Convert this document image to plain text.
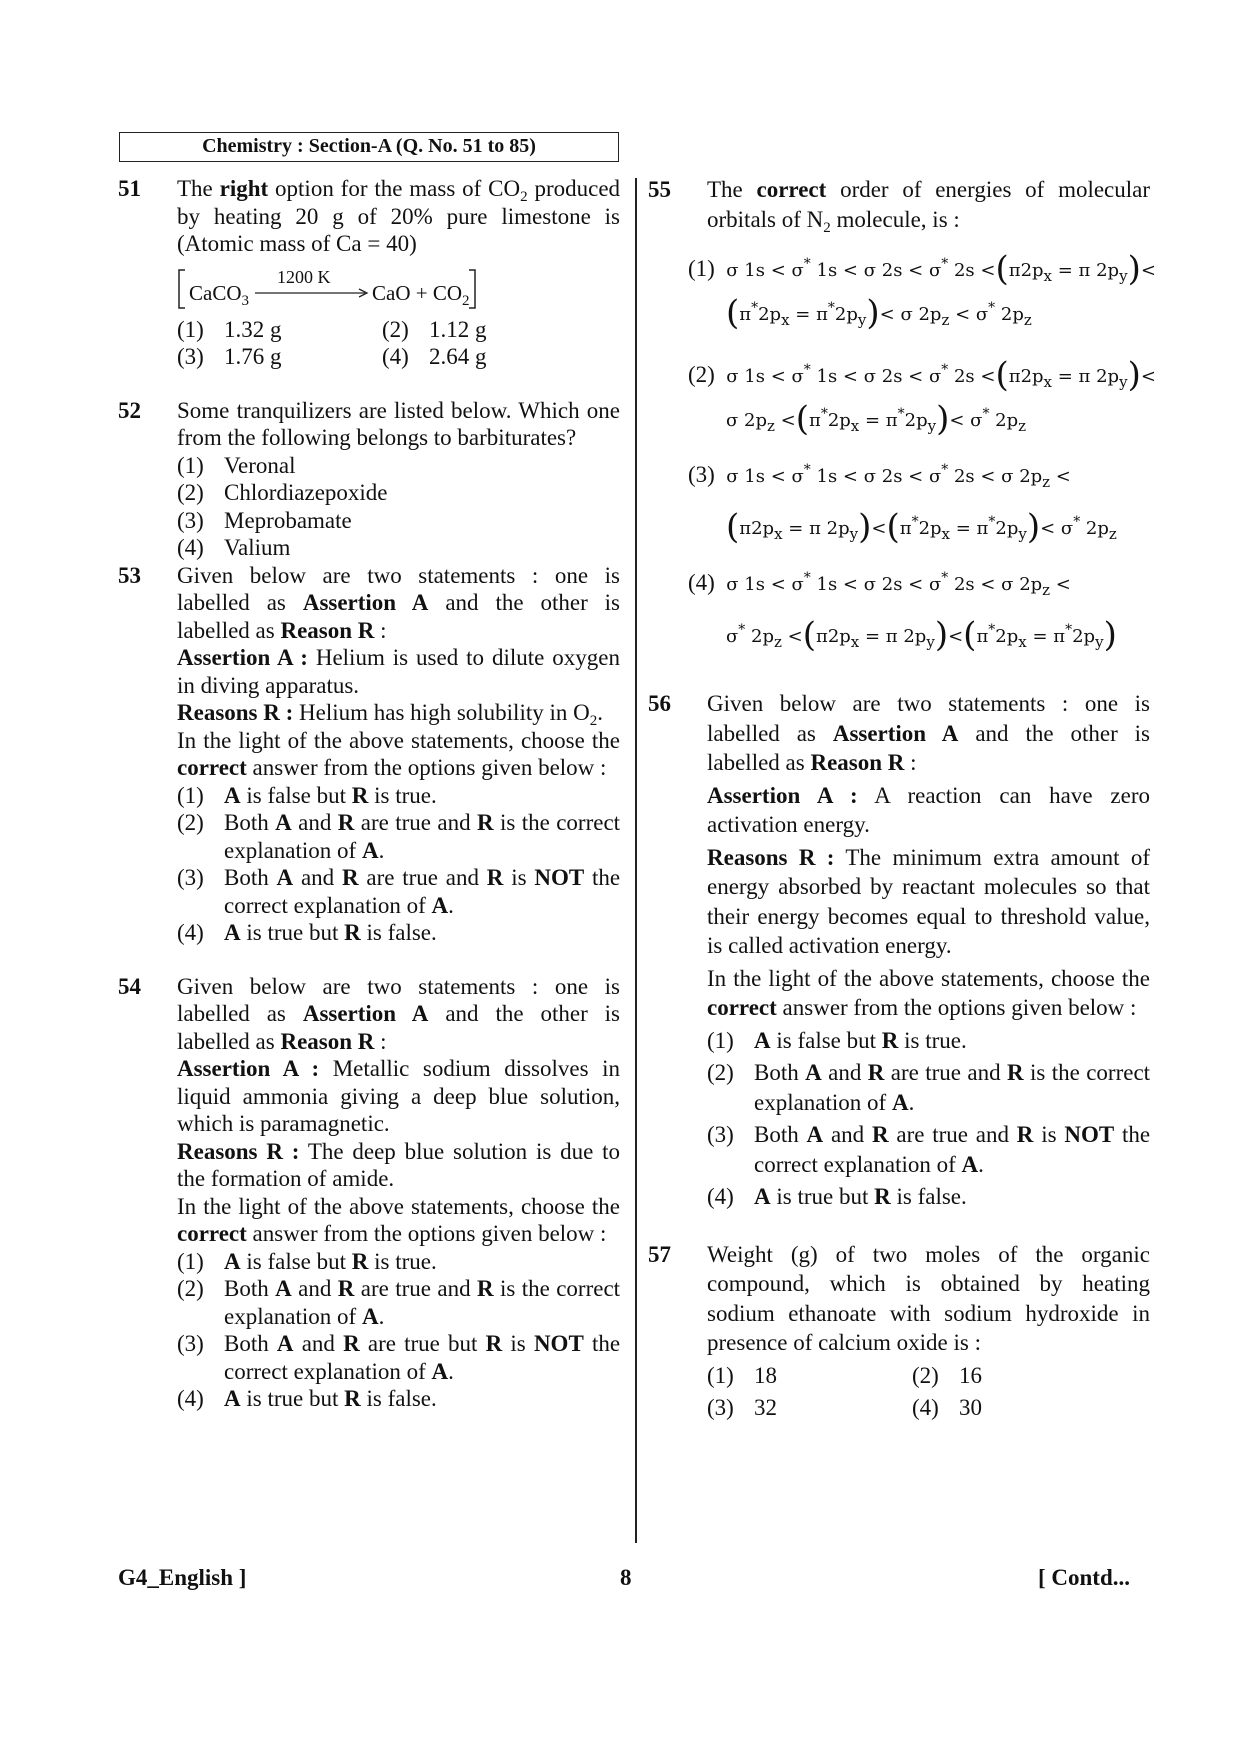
Chemistry : Section-A (Q. No. 51 to 85)
51 The right option for the mass of $CO_2$ produced by heating 20 g of 20% pure limestone is (Atomic mass of Ca = 40)
CaCO$_3$
1200 K
CaO + $CO_2$
(1) 1.32 g	(2) 1.12 g
(3) 1.76 g	(4) 2.64 g
52 Some tranquilizers are listed below. Which one from the following belongs to barbiturates?
(1) Veronal
(2) Chlordiazepoxide
(3) Meprobamate
(4) Valium
53 Given below are two statements : one is labelled as Assertion A and the other is labelled as Reason R :
Assertion A : Helium is used to dilute oxygen in diving apparatus.
Reasons R : Helium has high solubility in $O_2$.
In the light of the above statements, choose the correct answer from the options given below :
(1) A is false but R is true.
(2) Both A and R are true and R is the correct explanation of A.
(3) Both A and R are true and R is NOT the correct explanation of A.
(4) A is true but R is false.
54 Given below are two statements : one is labelled as Assertion A and the other is labelled as Reason R :
Assertion A : Metallic sodium dissolves in liquid ammonia giving a deep blue solution, which is paramagnetic.
Reasons R : The deep blue solution is due to the formation of amide.
In the light of the above statements, choose the correct answer from the options given below :
(1) A is false but R is true.
(2) Both A and R are true and R is the correct explanation of A.
(3) Both A and R are true but R is NOT the correct explanation of A.
(4) A is true but R is false.
55 The correct order of energies of molecular orbitals of $N_2$ molecule, is :
(1)  σ 1s < σ* 1s < σ 2s < σ* $2s <(\pi 2p_x = \pi$ $2p_y)<$
$(\pi^*2p_x = \pi^*2p_y)< \sigma$ $2p_z < \sigma^*$ $2p_z$
(2)  σ 1s < σ* 1s < σ 2s < σ* $2s <(\pi 2p_x = \pi$ $2p_y)<$
σ $2p_z <(\pi^*2p_x = \pi^*2p_y)< \sigma^*$ $2p_z$
(3)  σ 1s < σ* 1s < σ 2s < σ* 2s < σ $2p_z$ <
($\pi 2p_x = \pi$ $2p_y)<(\pi^*2p_x = \pi^*2p_y)< \sigma^*$ $2p_z$
(4)  σ 1s < σ* 1s < σ 2s < σ* 2s < σ $2p_z$ <
σ* $2p_z <(\pi 2p_x = \pi$ $2p_y)<(\pi^*2p_x = \pi^*2p_y)$
56 Given below are two statements : one is labelled as Assertion A and the other is labelled as Reason R :
Assertion A : A reaction can have zero activation energy.
Reasons R : The minimum extra amount of energy absorbed by reactant molecules so that their energy becomes equal to threshold value, is called activation energy.
In the light of the above statements, choose the correct answer from the options given below :
(1) A is false but R is true.
(2) Both A and R are true and R is the correct explanation of A.
(3) Both A and R are true and R is NOT the correct explanation of A.
(4) A is true but R is false.
57 Weight (g) of two moles of the organic compound, which is obtained by heating sodium ethanoate with sodium hydroxide in presence of calcium oxide is :
(1) 18	(2) 16
(3) 32	(4) 30
G4_English ]	8	[ Contd...
